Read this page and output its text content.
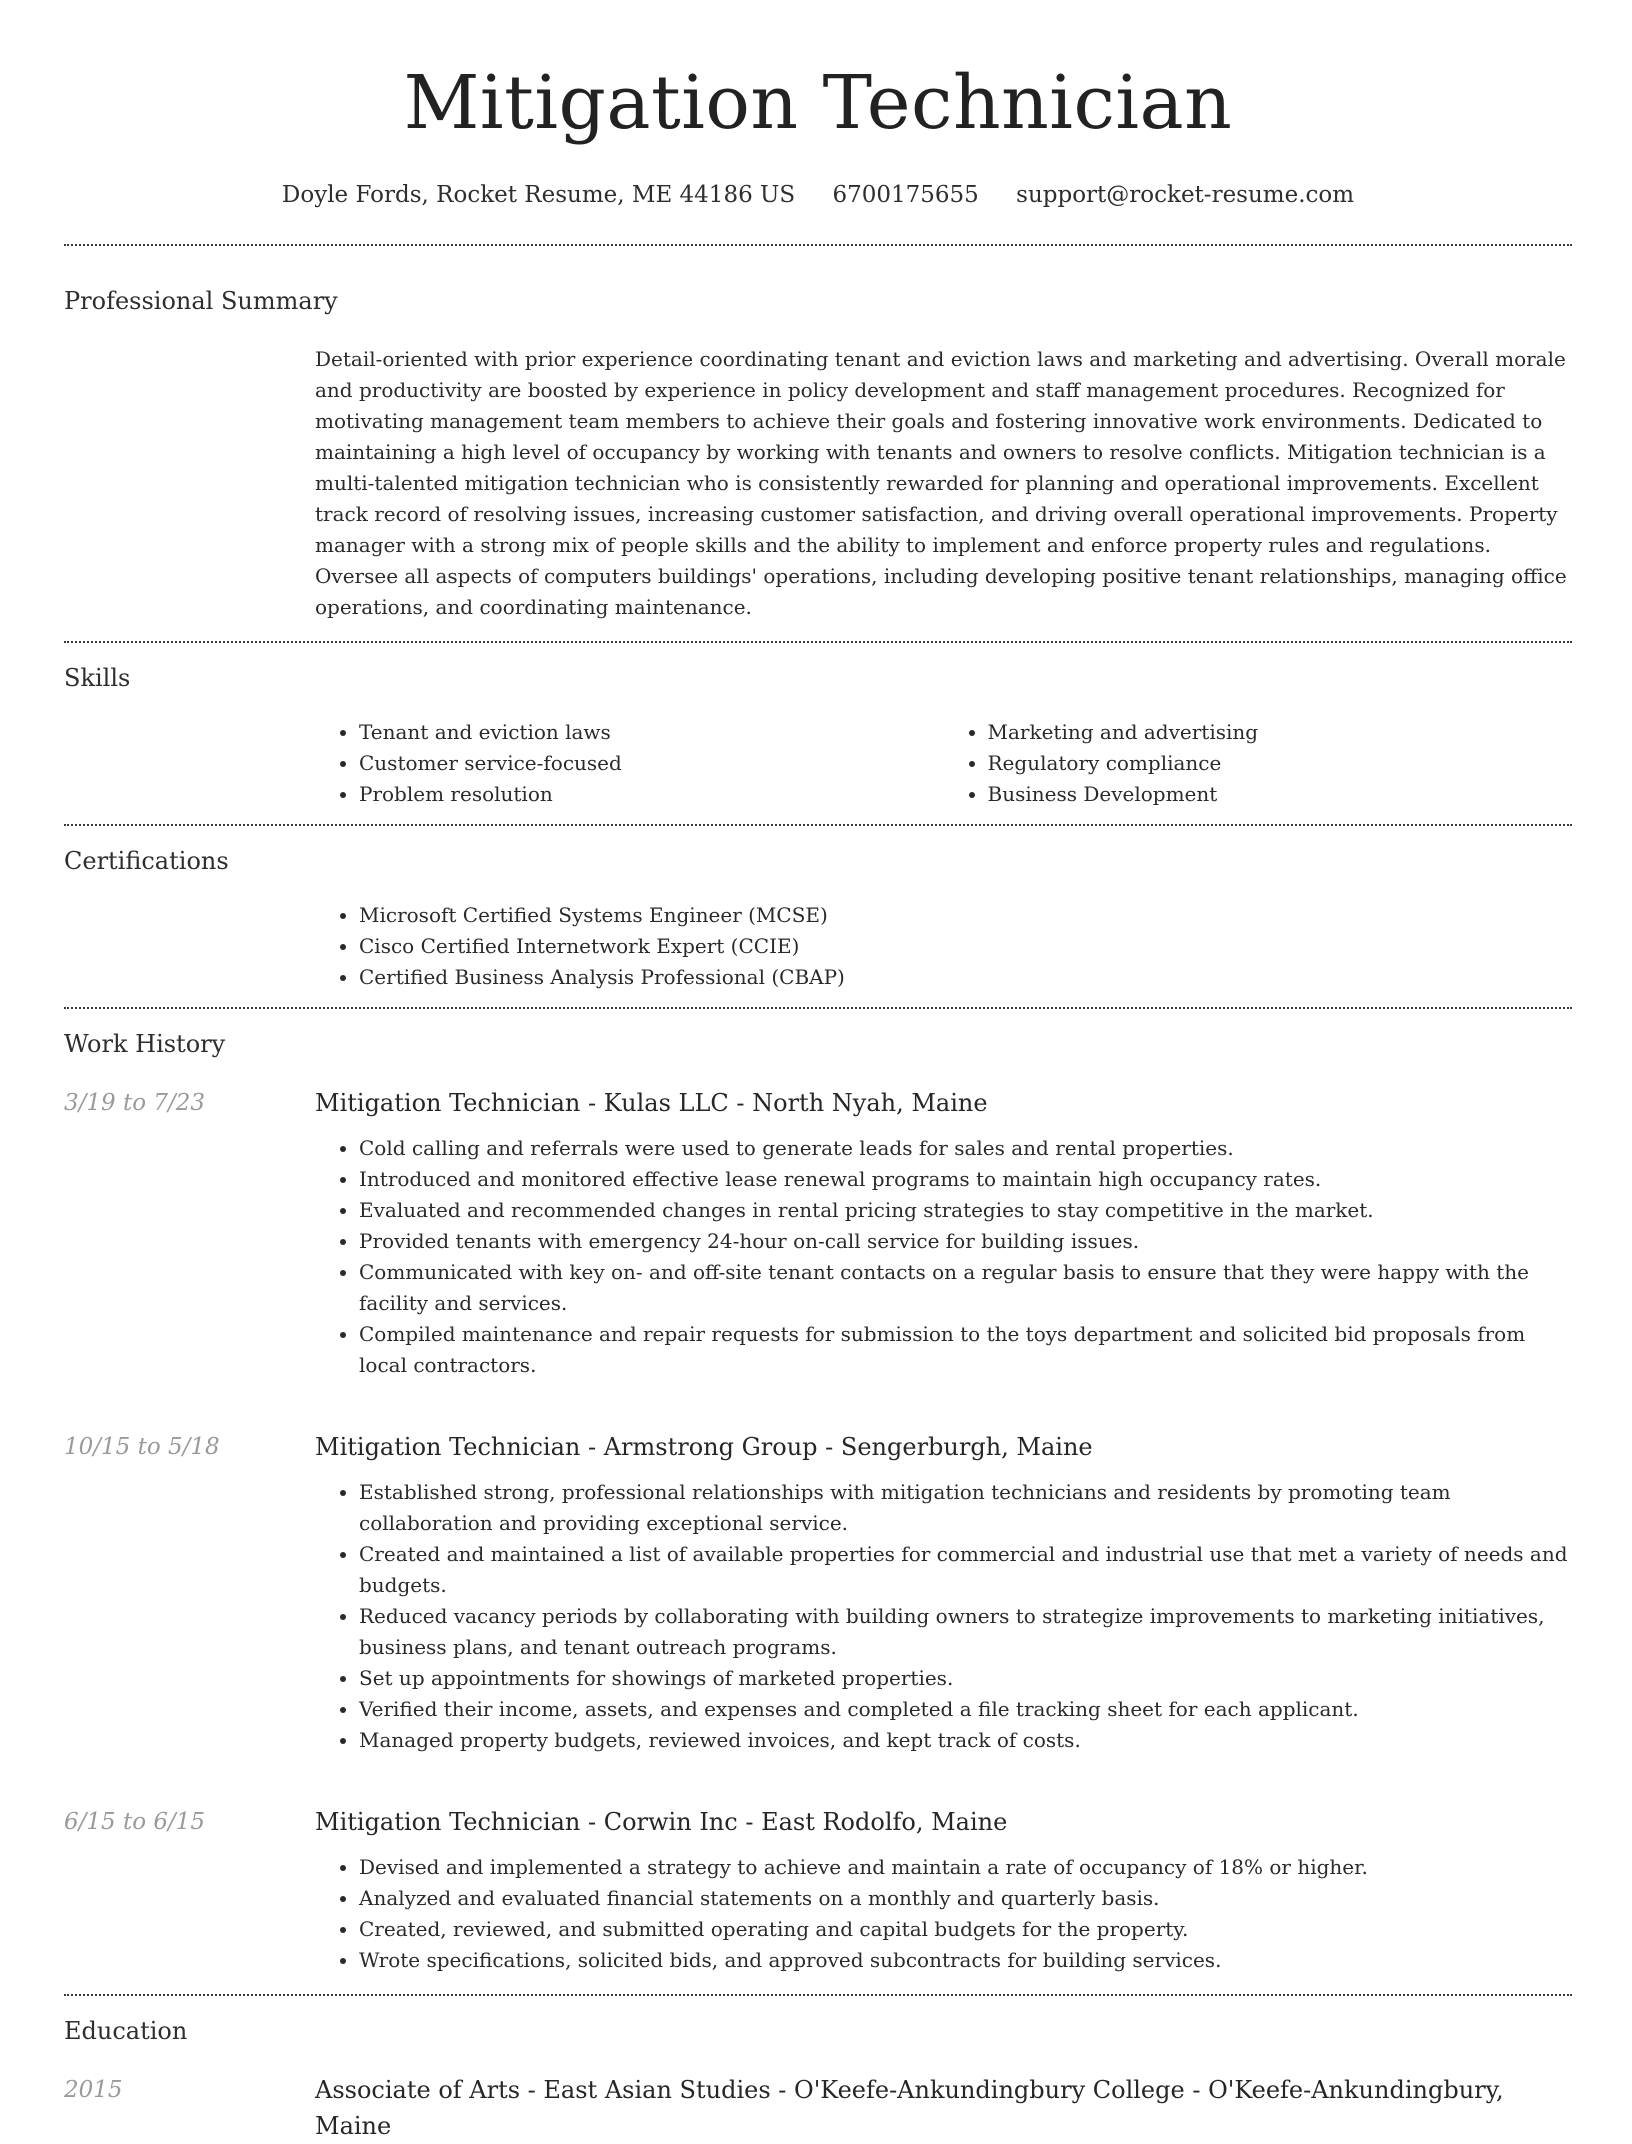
Mitigation Technician
Doyle Fords, Rocket Resume, ME 44186 US 6700175655 support@rocket-resume.com
Professional Summary
Detail-oriented with prior experience coordinating tenant and eviction laws and marketing and advertising. Overall morale and productivity are boosted by experience in policy development and staff management procedures. Recognized for motivating management team members to achieve their goals and fostering innovative work environments. Dedicated to maintaining a high level of occupancy by working with tenants and owners to resolve conflicts. Mitigation technician is a multi-talented mitigation technician who is consistently rewarded for planning and operational improvements. Excellent track record of resolving issues, increasing customer satisfaction, and driving overall operational improvements. Property manager with a strong mix of people skills and the ability to implement and enforce property rules and regulations. Oversee all aspects of computers buildings' operations, including developing positive tenant relationships, managing office operations, and coordinating maintenance.
Skills
• Tenant and eviction laws
• Customer service-focused
• Problem resolution
• Marketing and advertising
• Regulatory compliance
• Business Development
Certifications
• Microsoft Certified Systems Engineer (MCSE)
• Cisco Certified Internetwork Expert (CCIE)
• Certified Business Analysis Professional (CBAP)
Work History
3/19 to 7/23	Mitigation Technician - Kulas LLC - North Nyah, Maine
• Cold calling and referrals were used to generate leads for sales and rental properties.
• Introduced and monitored effective lease renewal programs to maintain high occupancy rates.
• Evaluated and recommended changes in rental pricing strategies to stay competitive in the market.
• Provided tenants with emergency 24-hour on-call service for building issues.
• Communicated with key on- and off-site tenant contacts on a regular basis to ensure that they were happy with the facility and services.
• Compiled maintenance and repair requests for submission to the toys department and solicited bid proposals from local contractors.
10/15 to 5/18	Mitigation Technician - Armstrong Group - Sengerburgh, Maine
• Established strong, professional relationships with mitigation technicians and residents by promoting team collaboration and providing exceptional service.
• Created and maintained a list of available properties for commercial and industrial use that met a variety of needs and budgets.
• Reduced vacancy periods by collaborating with building owners to strategize improvements to marketing initiatives, business plans, and tenant outreach programs.
• Set up appointments for showings of marketed properties.
• Verified their income, assets, and expenses and completed a file tracking sheet for each applicant.
• Managed property budgets, reviewed invoices, and kept track of costs.
6/15 to 6/15	Mitigation Technician - Corwin Inc - East Rodolfo, Maine
• Devised and implemented a strategy to achieve and maintain a rate of occupancy of 18% or higher.
• Analyzed and evaluated financial statements on a monthly and quarterly basis.
• Created, reviewed, and submitted operating and capital budgets for the property.
• Wrote specifications, solicited bids, and approved subcontracts for building services.
Education
2015	Associate of Arts - East Asian Studies - O'Keefe-Ankundingbury College - O'Keefe-Ankundingbury, Maine
